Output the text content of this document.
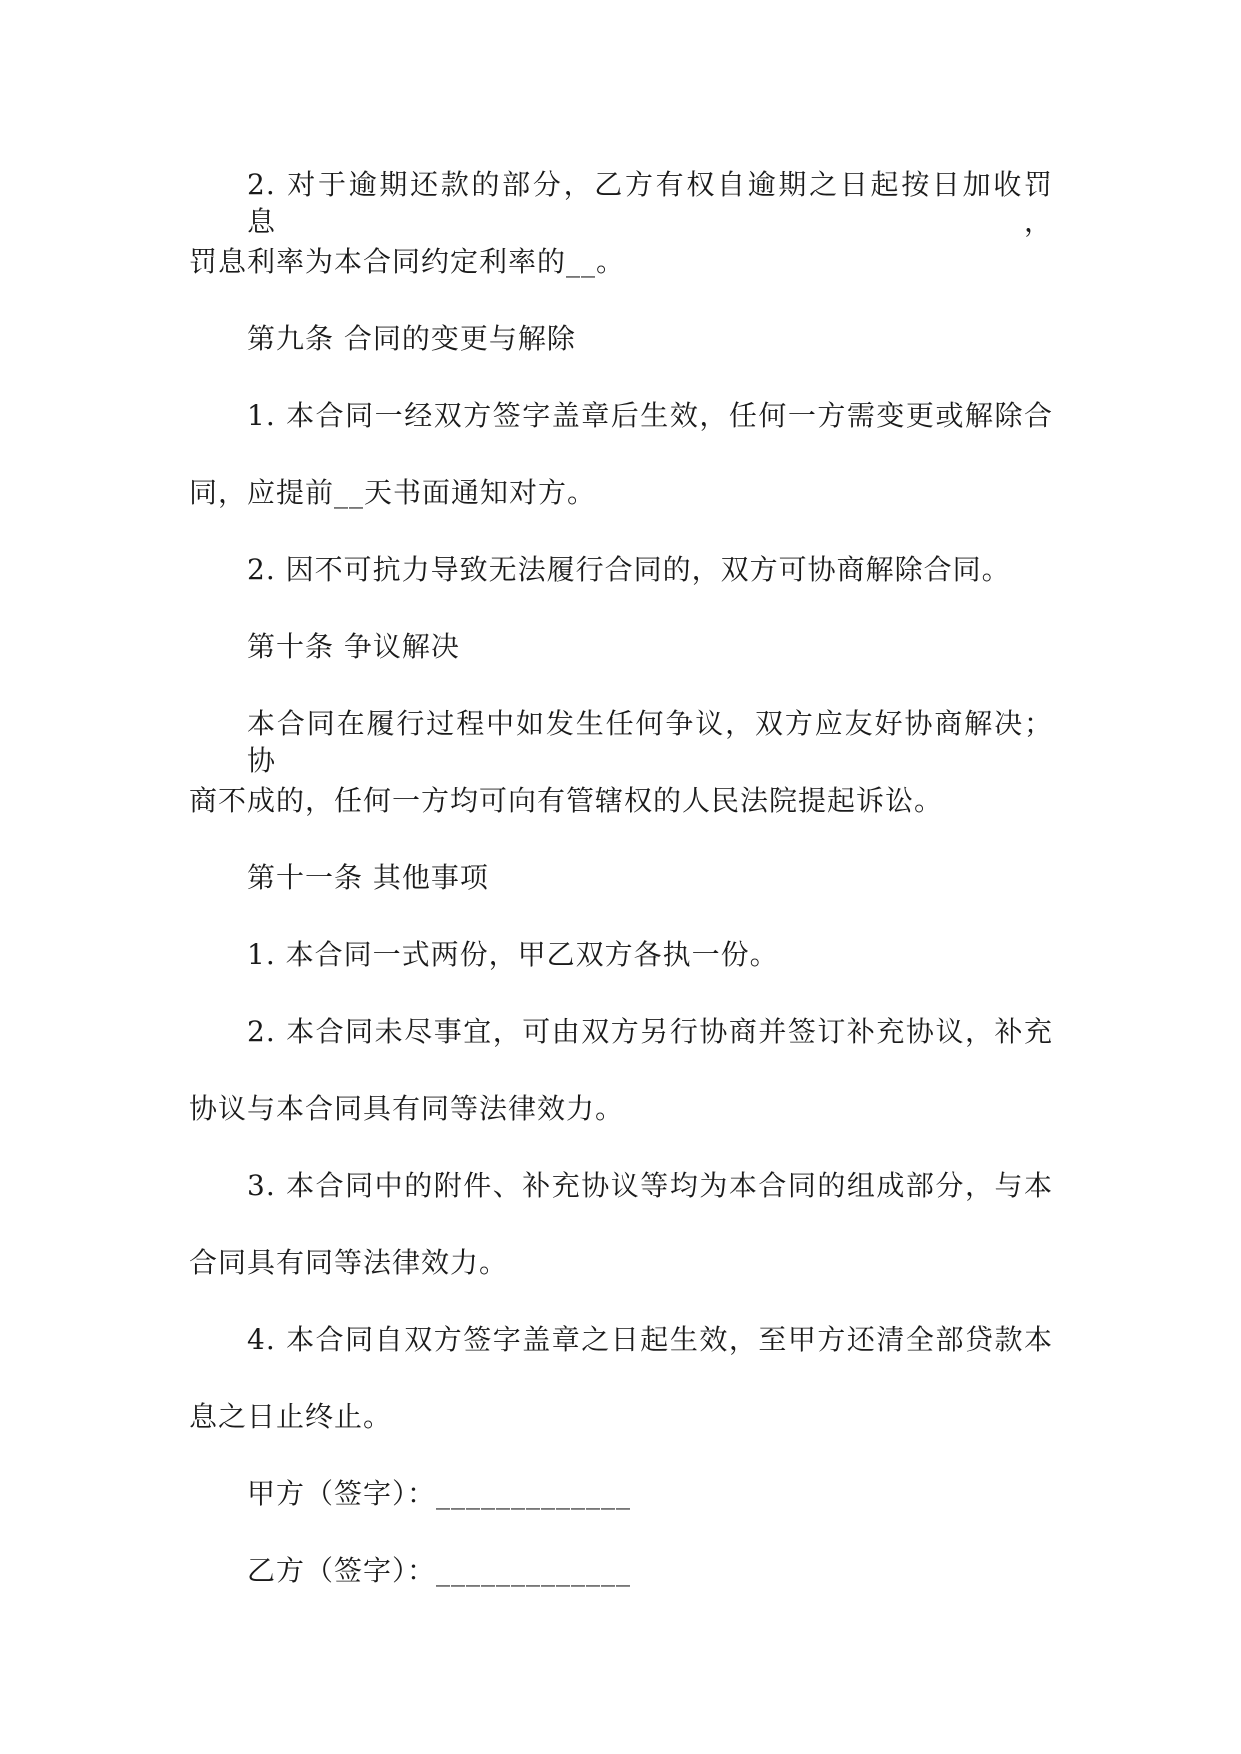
2. 对于逾期还款的部分，乙方有权自逾期之日起按日加收罚息，

罚息利率为本合同约定利率的__。

第九条 合同的变更与解除

1. 本合同一经双方签字盖章后生效，任何一方需变更或解除合

同，应提前__天书面通知对方。

2. 因不可抗力导致无法履行合同的，双方可协商解除合同。

第十条 争议解决

本合同在履行过程中如发生任何争议，双方应友好协商解决；协

商不成的，任何一方均可向有管辖权的人民法院提起诉讼。

第十一条 其他事项

1. 本合同一式两份，甲乙双方各执一份。

2. 本合同未尽事宜，可由双方另行协商并签订补充协议，补充

协议与本合同具有同等法律效力。

3. 本合同中的附件、补充协议等均为本合同的组成部分，与本

合同具有同等法律效力。

4. 本合同自双方签字盖章之日起生效，至甲方还清全部贷款本

息之日止终止。

甲方（签字）：_____________

乙方（签字）：_____________
